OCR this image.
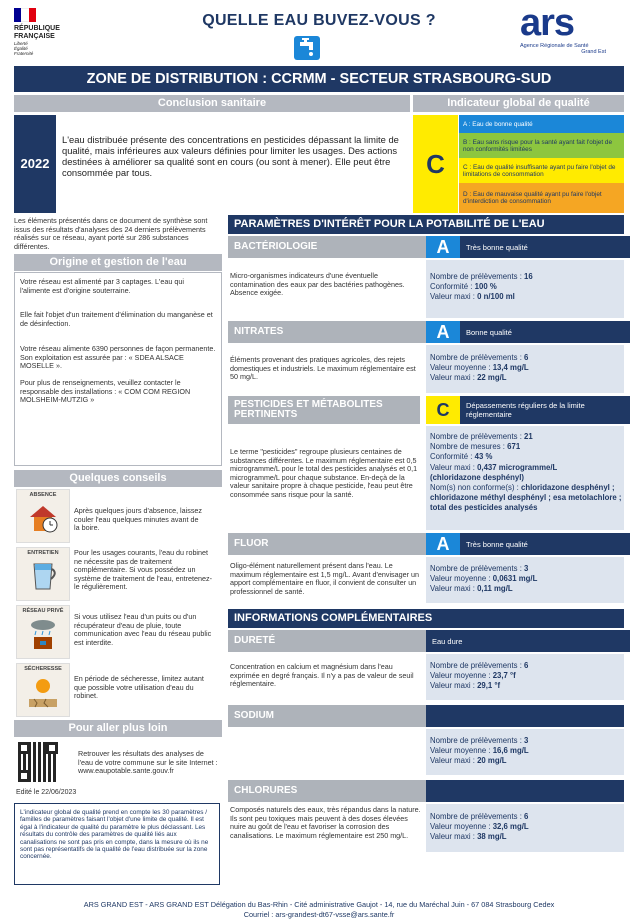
RÉPUBLIQUE
FRANÇAISE
Liberté
Égalité
Fraternité
QUELLE EAU BUVEZ-VOUS ?	ars
Agence Régionale de Santé
Grand Est
ZONE DE DISTRIBUTION : CCRMM - SECTEUR STRASBOURG-SUD
Conclusion sanitaire
2022
L'eau distribuée présente des concentrations en pesticides dépassant la limite de qualité, mais inférieures aux valeurs définies pour limiter les usages. Des actions destinées à améliorer sa qualité sont en cours (ou sont à mener). Elle peut être consommée par tous.
Indicateur global de qualité
C
A : Eau de bonne qualité
B : Eau sans risque pour la santé ayant fait l'objet de non conformités limitées
C : Eau de qualité insuffisante ayant pu faire l'objet de limitations de consommation
D : Eau de mauvaise qualité ayant pu faire l'objet d'interdiction de consommation
Les éléments présentés dans ce document de synthèse sont issus des résultats d'analyses des 24 derniers prélèvements réalisés sur ce réseau, ayant porté sur 286 substances différentes.
Origine et gestion de l'eau
Votre réseau est alimenté par 3 captages. L'eau qui l'alimente est d'origine souterraine.
Elle fait l'objet d'un traitement d'élimination du manganèse et de désinfection.
Votre réseau alimente 6390 personnes de façon permanente. Son exploitation est assurée par : « SDEA ALSACE MOSELLE ».
Pour plus de renseignements, veuillez contacter le responsable des installations : « COM COM REGION MOLSHEIM-MUTZIG »
Quelques conseils
ABSENCE
Après quelques jours d'absence, laissez couler l'eau quelques minutes avant de la boire.
ENTRETIEN	Pour les usages courants, l'eau du robinet ne nécessite pas de traitement complémentaire. Si vous possédez un système de traitement de l'eau, entretenez-le régulièrement.
RÉSEAU PRIVÉ
Si vous utilisez l'eau d'un puits ou d'un récupérateur d'eau de pluie, toute communication avec l'eau du réseau public est interdite.
SÉCHERESSE
En période de sécheresse, limitez autant que possible votre utilisation d'eau du robinet.
Pour aller plus loin
Retrouver les résultats des analyses de l'eau de votre commune sur le site Internet : www.eaupotable.sante.gouv.fr
Edité le 22/06/2023
L'indicateur global de qualité prend en compte les 30 paramètres / familles de paramètres faisant l'objet d'une limite de qualité. Il est égal à l'indicateur de qualité du paramètre le plus déclassant. Les résultats du contrôle des paramètres de qualité liés aux canalisations ne sont pas pris en compte, dans la mesure où ils ne sont pas représentatifs de la qualité de l'eau distribuée sur la zone concernée.
PARAMÈTRES D'INTÉRÊT POUR LA POTABILITÉ DE L'EAU
BACTÉRIOLOGIE	A	Très bonne qualité
Micro-organismes indicateurs d'une éventuelle contamination des eaux par des bactéries pathogènes. Absence exigée.
Nombre de prélèvements : 16
Conformité : 100 %
Valeur maxi : 0 n/100 ml
NITRATES	A	Bonne qualité
Éléments provenant des pratiques agricoles, des rejets domestiques et industriels. Le maximum réglementaire est 50 mg/L.
Nombre de prélèvements : 6
Valeur moyenne : 13,4 mg/L
Valeur maxi : 22 mg/L
PESTICIDES ET MÉTABOLITES
PERTINENTS	C	Dépassements réguliers de la limite réglementaire
Le terme "pesticides" regroupe plusieurs centaines de substances différentes. Le maximum réglementaire est 0,5 microgramme/L pour le total des pesticides analysés et 0,1 microgramme/L pour chaque substance. En-deçà de la valeur sanitaire propre à chaque pesticide, l'eau peut être consommée sans risque pour la santé.
Nombre de prélèvements : 21
Nombre de mesures : 671
Conformité : 43 %
Valeur maxi : 0,437 microgramme/L
(chloridazone desphényl)
Nom(s) non conforme(s) : chloridazone desphényl ; chloridazone méthyl desphényl ; esa metolachlore ; total des pesticides analysés
FLUOR	A	Très bonne qualité
Oligo-élément naturellement présent dans l'eau. Le maximum réglementaire est 1,5 mg/L. Avant d'envisager un apport complémentaire en fluor, il convient de consulter un professionnel de santé.
Nombre de prélèvements : 3
Valeur moyenne : 0,0631 mg/L
Valeur maxi : 0,11 mg/L
INFORMATIONS COMPLÉMENTAIRES
DURETÉ	Eau dure
Concentration en calcium et magnésium dans l'eau exprimée en degré français. Il n'y a pas de valeur de seuil réglementaire.
Nombre de prélèvements : 6
Valeur moyenne : 23,7 °f
Valeur maxi : 29,1 °f
SODIUM
Nombre de prélèvements : 3
Valeur moyenne : 16,6 mg/L
Valeur maxi : 20 mg/L
CHLORURES
Composés naturels des eaux, très répandus dans la nature. Ils sont peu toxiques mais peuvent à des doses élevées nuire au goût de l'eau et favoriser la corrosion des canalisations. Le maximum réglementaire est 250 mg/L.
Nombre de prélèvements : 6
Valeur moyenne : 32,6 mg/L
Valeur maxi : 38 mg/L
ARS GRAND EST - ARS GRAND EST Délégation du Bas-Rhin - Cité administrative Gaujot - 14, rue du Maréchal Juin - 67 084 Strasbourg Cedex
Courriel : ars-grandest-dt67-vsse@ars.sante.fr
